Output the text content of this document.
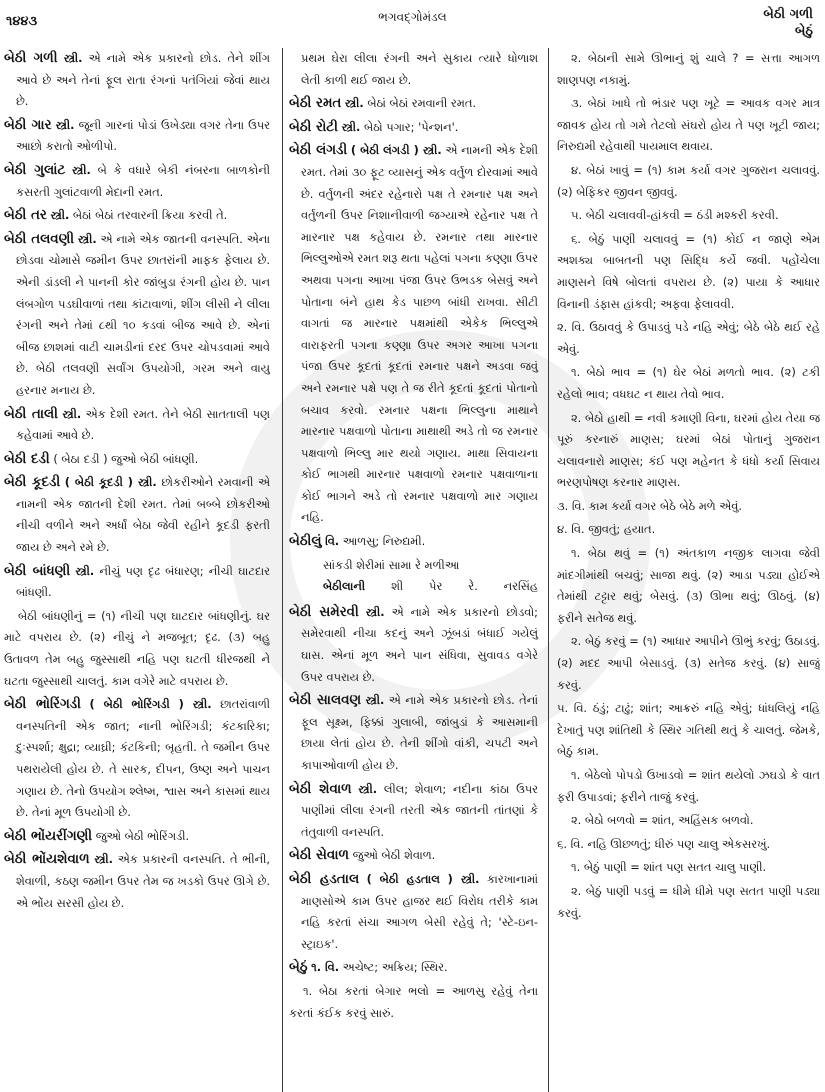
૧૪૪૩	ભગવદ્ગોમંડલ	બેઠી ગળી
બેઠું

બેઠી ગળી સ્ત્રી. એ નામે એક પ્રકારનો છોડ. તેને શીંગ આવે છે અને તેનાં ફૂલ રાતા રંગનાં પતંગિયાં જેવાં થાય છે.

બેઠી ગાર સ્ત્રી. જૂની ગારનાં પોડાં ઉખેડ્યા વગર તેના ઉપર આછો કરાતો ઓળીપો.

બેઠી ગુલાંટ સ્ત્રી. બે કે વધારે બેકી નંબરના બાળકોની કસરતી ગુલાંટવાળી મેદાની રમત.

બેઠી તર સ્ત્રી. બેઠાં બેઠાં તરવારની ક્રિયા કરવી તે.

બેઠી તલવણી સ્ત્રી. એ નામે એક જાતની વનસ્પતિ. એના છોડવા ચોમાસે જમીન ઉપર છાતરાંની માફક ફેલાય છે. એની ડાંડલી ને પાનની કોર જાંબુડા રંગની હોય છે. પાન લંબગોળ પડઘીવાળાં તથા કાંટાવાળાં, શીંગ લીસી ને લીલા રંગની અને તેમાં ૮થી ૧૦ કડવાં બીજ આવે છે. એનાં બીજ છાશમાં વાટી ચામડીનાં દરદ ઉપર ચોપડવામાં આવે છે. બેઠી તલવણી સર્વાંગ ઉપયોગી, ગરમ અને વાયુ હરનાર મનાય છે.

બેઠી તાલી સ્ત્રી. એક દેશી રમત. તેને બેઠી સાતતાલી પણ કહેવામાં આવે છે.

બેઠી દડી ( બેઠા દડી ) જુઓ બેઠી બાંધણી.

બેઠી કૂદડી ( બેઠી કૂદડી ) સ્ત્રી. છોકરીઓને રમવાની એ નામની એક જાતની દેશી રમત. તેમાં બબ્બે છોકરીઓ નીચી વળીને અને અર્ધાં બેઠા જેવી રહીને કૂદડી ફરતી જાય છે અને રમે છે.

બેઠી બાંધણી સ્ત્રી. નીચું પણ દૃઢ બંધારણ; નીચી ઘાટદાર બાંધણી.

બેઠી બાંધણીનું = (૧) નીચી પણ ઘાટદાર બાંધણીનું. ઘર માટે વપરાય છે. (૨) નીચું ને મજબૂત; દૃઢ. (૩) બહુ ઉતાવળ તેમ બહુ જુસ્સાથી નહિ પણ ઘટતી ધીરજથી ને ઘટતા જુસ્સાથી ચાલતું. કામ વગેરે માટે વપરાય છે.

બેઠી ભોરિંગડી ( બેઠી ભોરિંગડી ) સ્ત્રી. છાતરાંવાળી વનસ્પતિની એક જાત; નાની ભોરિંગડી; કંટકારિકા; દુઃસ્પર્શા; ક્ષુદ્રા; વ્યાઘ્રી; કંટકિની; બૃહતી. તે જમીન ઉપર પથરાયેલી હોય છે. તે સારક, દીપન, ઉષ્ણ અને પાચન ગણાય છે. તેનો ઉપયોગ શ્લેષ્મ, શ્વાસ અને કાસમાં થાય છે. તેનાં મૂળ ઉપયોગી છે.

બેઠી ભોંયરીંગણી જુઓ બેઠી ભોરિંગડી.

બેઠી ભોંયશેવાળ સ્ત્રી. એક પ્રકારની વનસ્પતિ. તે ભીની, શેવાળી, કઠણ જમીન ઉપર તેમ જ ખડકો ઉપર ઊગે છે. એ ભોંય સરસી હોય છે.

પ્રથમ ઘેરા લીલા રંગની અને સુકાય ત્યારે ધોળાશ લેતી કાળી થઈ જાય છે.

બેઠી રમત સ્ત્રી. બેઠાં બેઠાં રમવાની રમત.

બેઠી રોટી સ્ત્રી. બેઠો પગાર; 'પેન્શન'.

બેઠી લંગડી ( બેઠી લંગડી ) સ્ત્રી. એ નામની એક દેશી રમત. તેમાં ૩૦ ફૂટ વ્યાસનું એક વર્તુળ દોરવામાં આવે છે. વર્તુળની અંદર રહેનારો પક્ષ તે રમનાર પક્ષ અને વર્તુળની ઉપર નિશાનીવાળી જગ્યાએ રહેનાર પક્ષ તે મારનાર પક્ષ કહેવાય છે. રમનાર તથા મારનાર ભિલ્લુઓએ રમત શરૂ થતા પહેલાં પગના કણ્ણા ઉપર અથવા પગના આખા પંજા ઉપર ઉભડક બેસવું અને પોતાના બંને હાથ કેડ પાછળ બાંધી રાખવા. સીટી વાગતાં જ મારનાર પક્ષમાંથી એકેક ભિલ્લુએ વારાફરતી પગના કણ્ણા ઉપર અગર આખા પગના પંજા ઉપર કૂદતાં કૂદતાં રમનાર પક્ષને અડવા જવું અને રમનાર પક્ષે પણ તે જ રીતે કૂદતાં કૂદતાં પોતાનો બચાવ કરવો. રમનાર પક્ષના ભિલ્લુના માથાને મારનાર પક્ષવાળો પોતાના માથાથી અડે તો જ રમનાર પક્ષવાળો ભિલ્લુ માર થયો ગણાય. માથા સિવાયના કોઈ ભાગથી મારનાર પક્ષવાળો રમનાર પક્ષવાળાના કોઈ ભાગને અડે તો રમનાર પક્ષવાળો માર ગણાય નહિ.

બેઠીલું વિ. આળસુ; નિરુદ્યમી.

સાંકડી શેરીમાં સામા રે મળીઆ
બેઠીલાની શી પેર રે. નરસિંહ

બેઠી સમેરવી સ્ત્રી. એ નામે એક પ્રકારનો છોડવો; સમેરવાથી નીચા કદનું અને ઝૂંબડાં બંધાઈ ગયેલું ઘાસ. એનાં મૂળ અને પાન સંધિવા, સુવાવડ વગેરે ઉપર વપરાય છે.

બેઠી સાલવણ સ્ત્રી. એ નામે એક પ્રકારનો છોડ. તેનાં ફૂલ સૂક્ષ્મ, ફિક્કાં ગુલાબી, જાંબુડાં કે આસમાની છાયા લેતાં હોય છે. તેની શીંગો વાંકી, ચપટી અને કાપાઓવાળી હોય છે.

બેઠી શેવાળ સ્ત્રી. લીલ; શેવાળ; નદીના કાંઠા ઉપર પાણીમાં લીલા રંગની તરતી એક જાતની તાંતણાં કે તંતુવાળી વનસ્પતિ.

બેઠી સેવાળ જુઓ બેઠી શેવાળ.

બેઠી હડતાલ ( બેઠી હડતાલ ) સ્ત્રી. કારખાનામાં માણસોએ કામ ઉપર હાજર થઈ વિરોધ તરીકે કામ નહિ કરતાં સંચા આગળ બેસી રહેવું તે; 'સ્ટે-ઇન-સ્ટ્રાઇક'.

બેઠું ૧. વિ. અચેષ્ટ; અક્રિય; સ્થિર.

૧. બેઠા કરતાં બેગાર ભલો = આળસુ રહેવું તેના કરતાં કંઈક કરવું સારું.

૨. બેઠાની સામે ઊભાનું શું ચાલે ? = સત્તા આગળ શાણપણ નકામું.

૩. બેઠાં ખાધે તો ભંડાર પણ ખૂટે = આવક વગર માત્ર જાવક હોય તો ગમે તેટલો સંઘરો હોય તે પણ ખૂટી જાય; નિરુદ્યમી રહેવાથી પાયમાલ થવાય.

૪. બેઠાં ખાવું = (૧) કામ કર્યા વગર ગુજરાન ચલાવવું. (૨) બેફિકર જીવન જીવવું.

૫. બેઠી ચલાવવી-હાંકવી = ઠંડી મશ્કરી કરવી.

૬. બેઠું પાણી ચલાવવું = (૧) કોઈ ન જાણે એમ અશક્ય બાબતની પણ સિદ્ધિ કર્યે જવી. પહોંચેલા માણસને વિષે બોલતાં વપરાય છે. (૨) પાયા કે આધાર વિનાની ડંફાસ હાંકવી; અફવા ફેલાવવી.

૨. વિ. ઉઠાવવું કે ઉપાડવું પડે નહિ એવું; બેઠે બેઠે થઈ રહે એવું.

૧. બેઠો ભાવ = (૧) ઘેર બેઠાં મળતો ભાવ. (૨) ટકી રહેલો ભાવ; વધઘટ ન થાય તેવો ભાવ.

૨. બેઠો હાથી = નવી કમાણી વિના, ઘરમાં હોય તેયા જ પૂરું કરનારું માણસ; ઘરમાં બેઠાં પોતાનું ગુજરાન ચલાવનારો માણસ; કંઈ પણ મહેનત કે ધંધો કર્યા સિવાય ભરણપોષણ કરનાર માણસ.

૩. વિ. કામ કર્યા વગર બેઠે બેઠે મળે એવું.

૪. વિ. જીવતું; હયાત.

૧. બેઠા થવું = (૧) અંતકાળ નજીક લાગવા જેવી માંદગીમાંથી બચવું; સાજા થવું. (૨) આડા પડ્યા હોઈએ તેમાંથી ટટ્ટાર થવું; બેસવું. (૩) ઊભા થવું; ઊઠવું. (૪) ફરીને સતેજ થવું.

૨. બેઠું કરવું = (૧) આધાર આપીને ઊભું કરવું; ઉઠાડવું. (૨) મદદ આપી બેસાડવું. (૩) સતેજ કરવું. (૪) સાજું કરવું.

૫. વિ. ઠંડું; ટાઢું; શાંત; આક્રરું નહિ એવું; ધાંધલિયું નહિ દેખાતું પણ શાંતિથી કે સ્થિર ગતિથી થતું કે ચાલતું. જેમકે, બેઠું કામ.

૧. બેઠેલો પોપડો ઉખાડવો = શાંત થયેલો ઝઘડો કે વાત ફરી ઉપાડવાં; ફરીને તાજું કરવું.

૨. બેઠો બળવો = શાંત, અહિંસક બળવો.

૬. વિ. નહિ ઊછળતું; ધીરું પણ ચાલુ એકસરખું.

૧. બેઠું પાણી = શાંત પણ સતત ચાલુ પાણી.

૨. બેઠું પાણી પડવું = ધીમે ધીમે પણ સતત પાણી પડ્યા કરવું.
